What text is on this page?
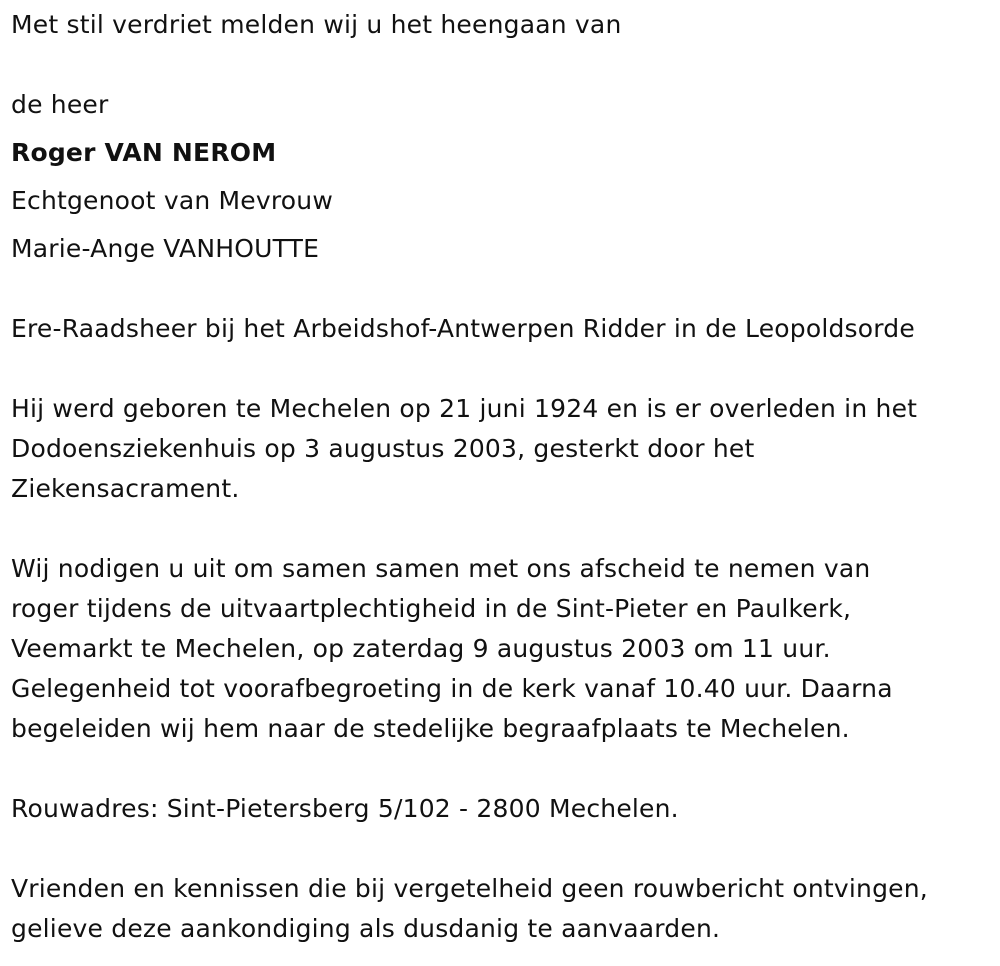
Met stil verdriet melden wij u het heengaan van
de heer
Roger VAN NEROM
Echtgenoot van Mevrouw
Marie-Ange VANHOUTTE
Ere-Raadsheer bij het Arbeidshof-Antwerpen Ridder in de Leopoldsorde
Hij werd geboren te Mechelen op 21 juni 1924 en is er overleden in het
Dodoensziekenhuis op 3 augustus 2003, gesterkt door het
Ziekensacrament.
Wij nodigen u uit om samen samen met ons afscheid te nemen van
roger tijdens de uitvaartplechtigheid in de Sint-Pieter en Paulkerk,
Veemarkt te Mechelen, op zaterdag 9 augustus 2003 om 11 uur.
Gelegenheid tot voorafbegroeting in de kerk vanaf 10.40 uur. Daarna
begeleiden wij hem naar de stedelijke begraafplaats te Mechelen.
Rouwadres: Sint-Pietersberg 5/102 - 2800 Mechelen.
Vrienden en kennissen die bij vergetelheid geen rouwbericht ontvingen,
gelieve deze aankondiging als dusdanig te aanvaarden.
